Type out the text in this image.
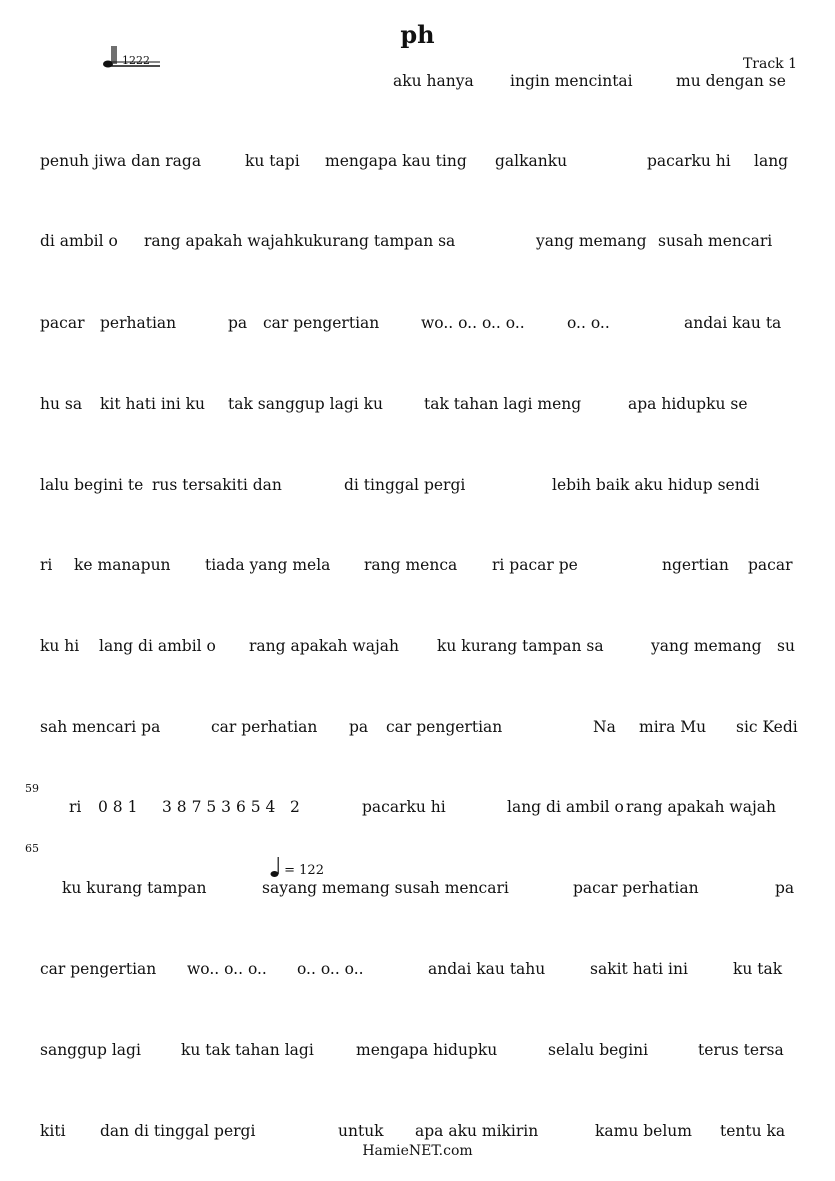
ph
Track 1
1222
aku hanya ingin mencintai	mu dengan se
penuh jiwa dan raga	ku tapi mengapa kau ting galkanku	pacarku hi lang
di ambil o rang apakah wajahku kurang tampan sa	yang memang susah mencari
pacar perhatian	pa car pengertian	wo.. o.. o.. o..	o.. o..	andai kau ta
hu sa kit hati ini ku tak sanggup lagi ku	tak tahan lagi meng	apa hidupku se
lalu begini te rus tersakiti dan	di tinggal pergi	lebih baik aku hidup sendi
ri ke manapun tiada yang mela rang menca ri pacar pe	ngertian pacar
ku hi lang di ambil o rang apakah wajah ku kurang tampan sa	yang memang su
sah mencari pa	car perhatian pa car pengertian	Na mira Mu sic Kedi
ri 0 8 1 3 8 7 5 3 6 5 4 2	pacarku hi	lang di ambil o rang apakah wajah
ku kurang tampan	sayang memang susah mencari	pacar perhatian	pa
car pengertian wo.. o.. o.. o.. o.. o..	andai kau tahu	sakit hati ini	ku tak
sanggup lagi	ku tak tahan lagi	mengapa hidupku	selalu begini	terus tersa
kiti dan di tinggal pergi	untuk apa aku mikirin	kamu belum tentu ka
59
65
= 122
HamieNET.com
